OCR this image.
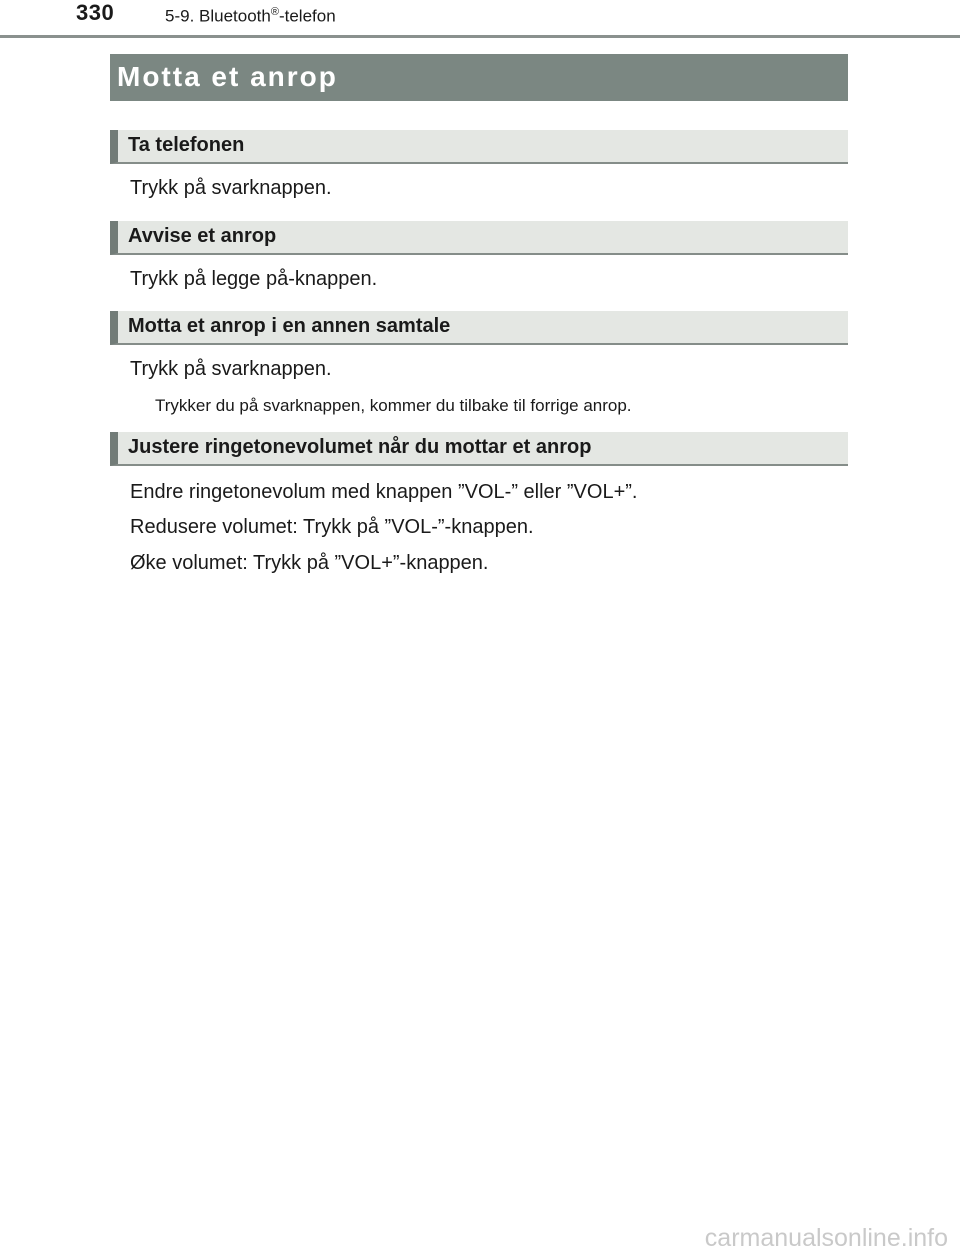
330	5-9. Bluetooth®-telefon
Motta et anrop
Ta telefonen
Trykk på svarknappen.
Avvise et anrop
Trykk på legge på-knappen.
Motta et anrop i en annen samtale
Trykk på svarknappen.
Trykker du på svarknappen, kommer du tilbake til forrige anrop.
Justere ringetonevolumet når du mottar et anrop
Endre ringetonevolum med knappen ”VOL-” eller ”VOL+”.
Redusere volumet: Trykk på ”VOL-”-knappen.
Øke volumet: Trykk på ”VOL+”-knappen.
carmanualsonline.info
